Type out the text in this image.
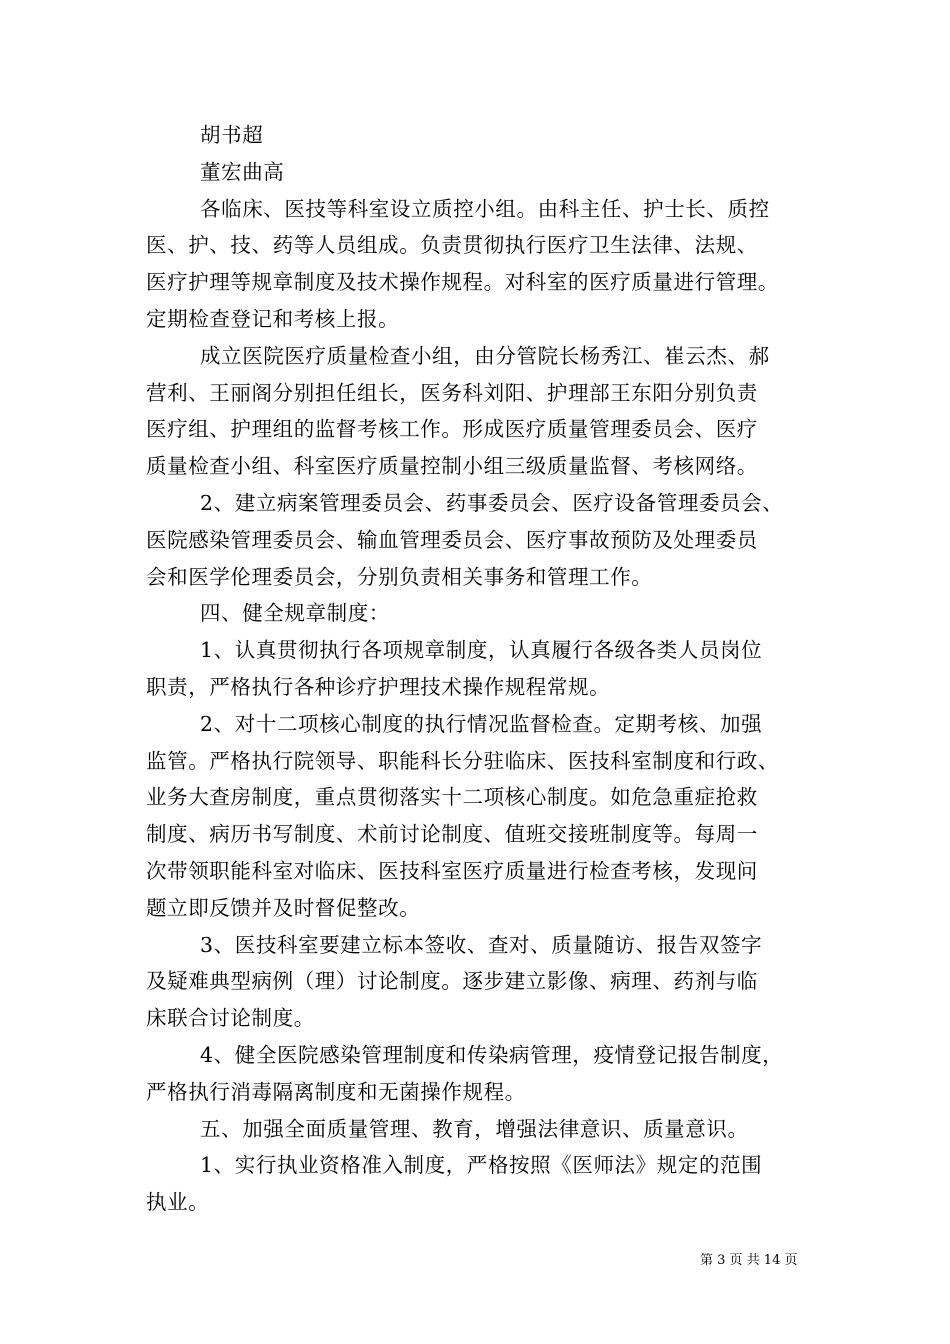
胡书超
董宏曲高
各临床、医技等科室设立质控小组。由科主任、护士长、质控
医、护、技、药等人员组成。负责贯彻执行医疗卫生法律、法规、
医疗护理等规章制度及技术操作规程。对科室的医疗质量进行管理。
定期检查登记和考核上报。
成立医院医疗质量检查小组，由分管院长杨秀江、崔云杰、郝
营利、王丽阁分别担任组长，医务科刘阳、护理部王东阳分别负责
医疗组、护理组的监督考核工作。形成医疗质量管理委员会、医疗
质量检查小组、科室医疗质量控制小组三级质量监督、考核网络。
2、建立病案管理委员会、药事委员会、医疗设备管理委员会、
医院感染管理委员会、输血管理委员会、医疗事故预防及处理委员
会和医学伦理委员会，分别负责相关事务和管理工作。
四、健全规章制度：
1、认真贯彻执行各项规章制度，认真履行各级各类人员岗位
职责，严格执行各种诊疗护理技术操作规程常规。
2、对十二项核心制度的执行情况监督检查。定期考核、加强
监管。严格执行院领导、职能科长分驻临床、医技科室制度和行政、
业务大查房制度，重点贯彻落实十二项核心制度。如危急重症抢救
制度、病历书写制度、术前讨论制度、值班交接班制度等。每周一
次带领职能科室对临床、医技科室医疗质量进行检查考核，发现问
题立即反馈并及时督促整改。
3、医技科室要建立标本签收、查对、质量随访、报告双签字
及疑难典型病例（理）讨论制度。逐步建立影像、病理、药剂与临
床联合讨论制度。
4、健全医院感染管理制度和传染病管理，疫情登记报告制度，
严格执行消毒隔离制度和无菌操作规程。
五、加强全面质量管理、教育，增强法律意识、质量意识。
1、实行执业资格准入制度，严格按照《医师法》规定的范围
执业。
第 3 页 共 14 页
